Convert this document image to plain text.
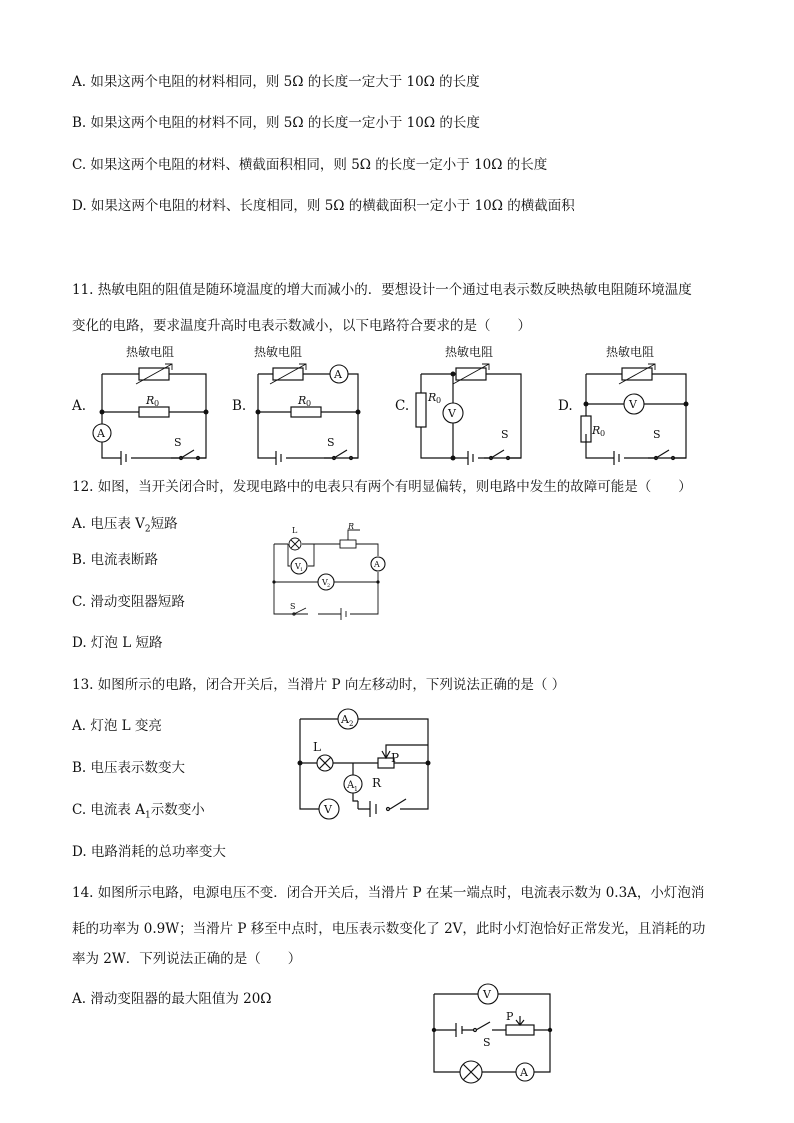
A. 如果这两个电阻的材料相同，则 5Ω 的长度一定大于 10Ω 的长度
B. 如果这两个电阻的材料不同，则 5Ω 的长度一定小于 10Ω 的长度
C. 如果这两个电阻的材料、横截面积相同，则 5Ω 的长度一定小于 10Ω 的长度
D. 如果这两个电阻的材料、长度相同，则 5Ω 的横截面积一定小于 10Ω 的横截面积
11. 热敏电阻的阻值是随环境温度的增大而减小的．要想设计一个通过电表示数反映热敏电阻随环境温度
变化的电路，要求温度升高时电表示数减小，以下电路符合要求的是（　　）
A.
热敏电阻
R 0
A
S
B.
热敏电阻
A
R 0
S
C.
热敏电阻
R 0
V
S
D.
热敏电阻
V
R 0	S
12. 如图，当开关闭合时，发现电路中的电表只有两个有明显偏转，则电路中发生的故障可能是（　　）
A. 电压表 $V_2$短路
B. 电流表断路
C. 滑动变阻器短路
D. 灯泡 L 短路
L	R
V 1
A
V 2
S
13. 如图所示的电路，闭合开关后，当滑片 P 向左移动时，下列说法正确的是（ ）
A. 灯泡 L 变亮
B. 电压表示数变大
C. 电流表 $A_1$示数变小
D. 电路消耗的总功率变大
A 2
L
P
R
A 1
V
14. 如图所示电路，电源电压不变．闭合开关后，当滑片 P 在某一端点时，电流表示数为 0.3A，小灯泡消
耗的功率为 0.9W；当滑片 P 移至中点时，电压表示数变化了 2V，此时小灯泡恰好正常发光，且消耗的功
率为 2W．下列说法正确的是（　　）
A. 滑动变阻器的最大阻值为 20Ω	V
S
P
A
